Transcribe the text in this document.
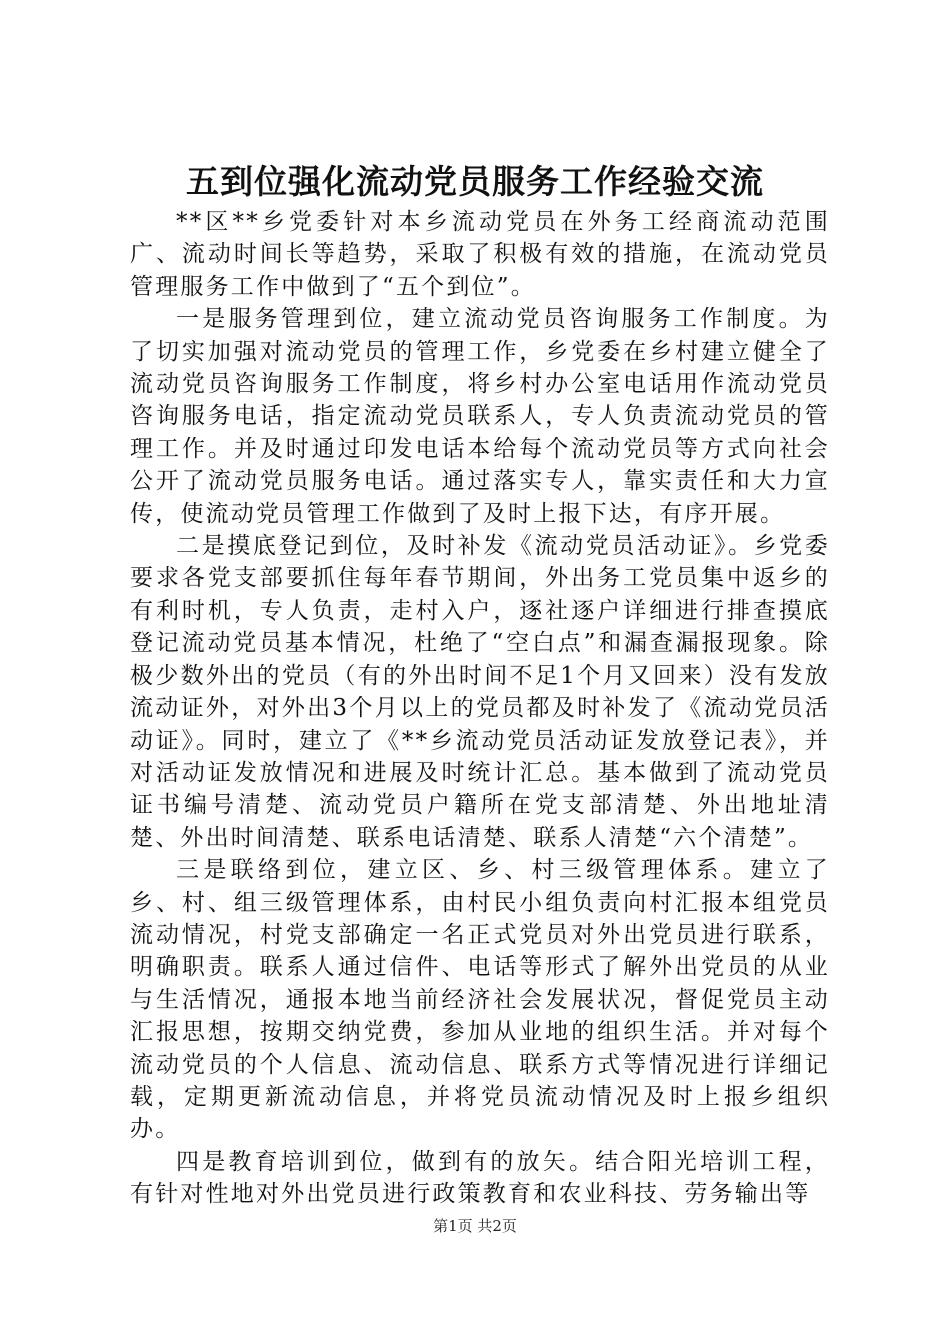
五到位强化流动党员服务工作经验交流

**区**乡党委针对本乡流动党员在外务工经商流动范围广、流动时间长等趋势，采取了积极有效的措施，在流动党员管理服务工作中做到了“五个到位”。

一是服务管理到位，建立流动党员咨询服务工作制度。为了切实加强对流动党员的管理工作，乡党委在乡村建立健全了流动党员咨询服务工作制度，将乡村办公室电话用作流动党员咨询服务电话，指定流动党员联系人，专人负责流动党员的管理工作。并及时通过印发电话本给每个流动党员等方式向社会公开了流动党员服务电话。通过落实专人，靠实责任和大力宣传，使流动党员管理工作做到了及时上报下达，有序开展。

二是摸底登记到位，及时补发《流动党员活动证》。乡党委要求各党支部要抓住每年春节期间，外出务工党员集中返乡的有利时机，专人负责，走村入户，逐社逐户详细进行排查摸底登记流动党员基本情况，杜绝了“空白点”和漏查漏报现象。除极少数外出的党员（有的外出时间不足1个月又回来）没有发放流动证外，对外出3个月以上的党员都及时补发了《流动党员活动证》。同时，建立了《**乡流动党员活动证发放登记表》，并对活动证发放情况和进展及时统计汇总。基本做到了流动党员证书编号清楚、流动党员户籍所在党支部清楚、外出地址清楚、外出时间清楚、联系电话清楚、联系人清楚“六个清楚”。

三是联络到位，建立区、乡、村三级管理体系。建立了乡、村、组三级管理体系，由村民小组负责向村汇报本组党员流动情况，村党支部确定一名正式党员对外出党员进行联系，明确职责。联系人通过信件、电话等形式了解外出党员的从业与生活情况，通报本地当前经济社会发展状况，督促党员主动汇报思想，按期交纳党费，参加从业地的组织生活。并对每个流动党员的个人信息、流动信息、联系方式等情况进行详细记载，定期更新流动信息，并将党员流动情况及时上报乡组织办。

四是教育培训到位，做到有的放矢。结合阳光培训工程，有针对性地对外出党员进行政策教育和农业科技、劳务输出等

第1页 共2页
